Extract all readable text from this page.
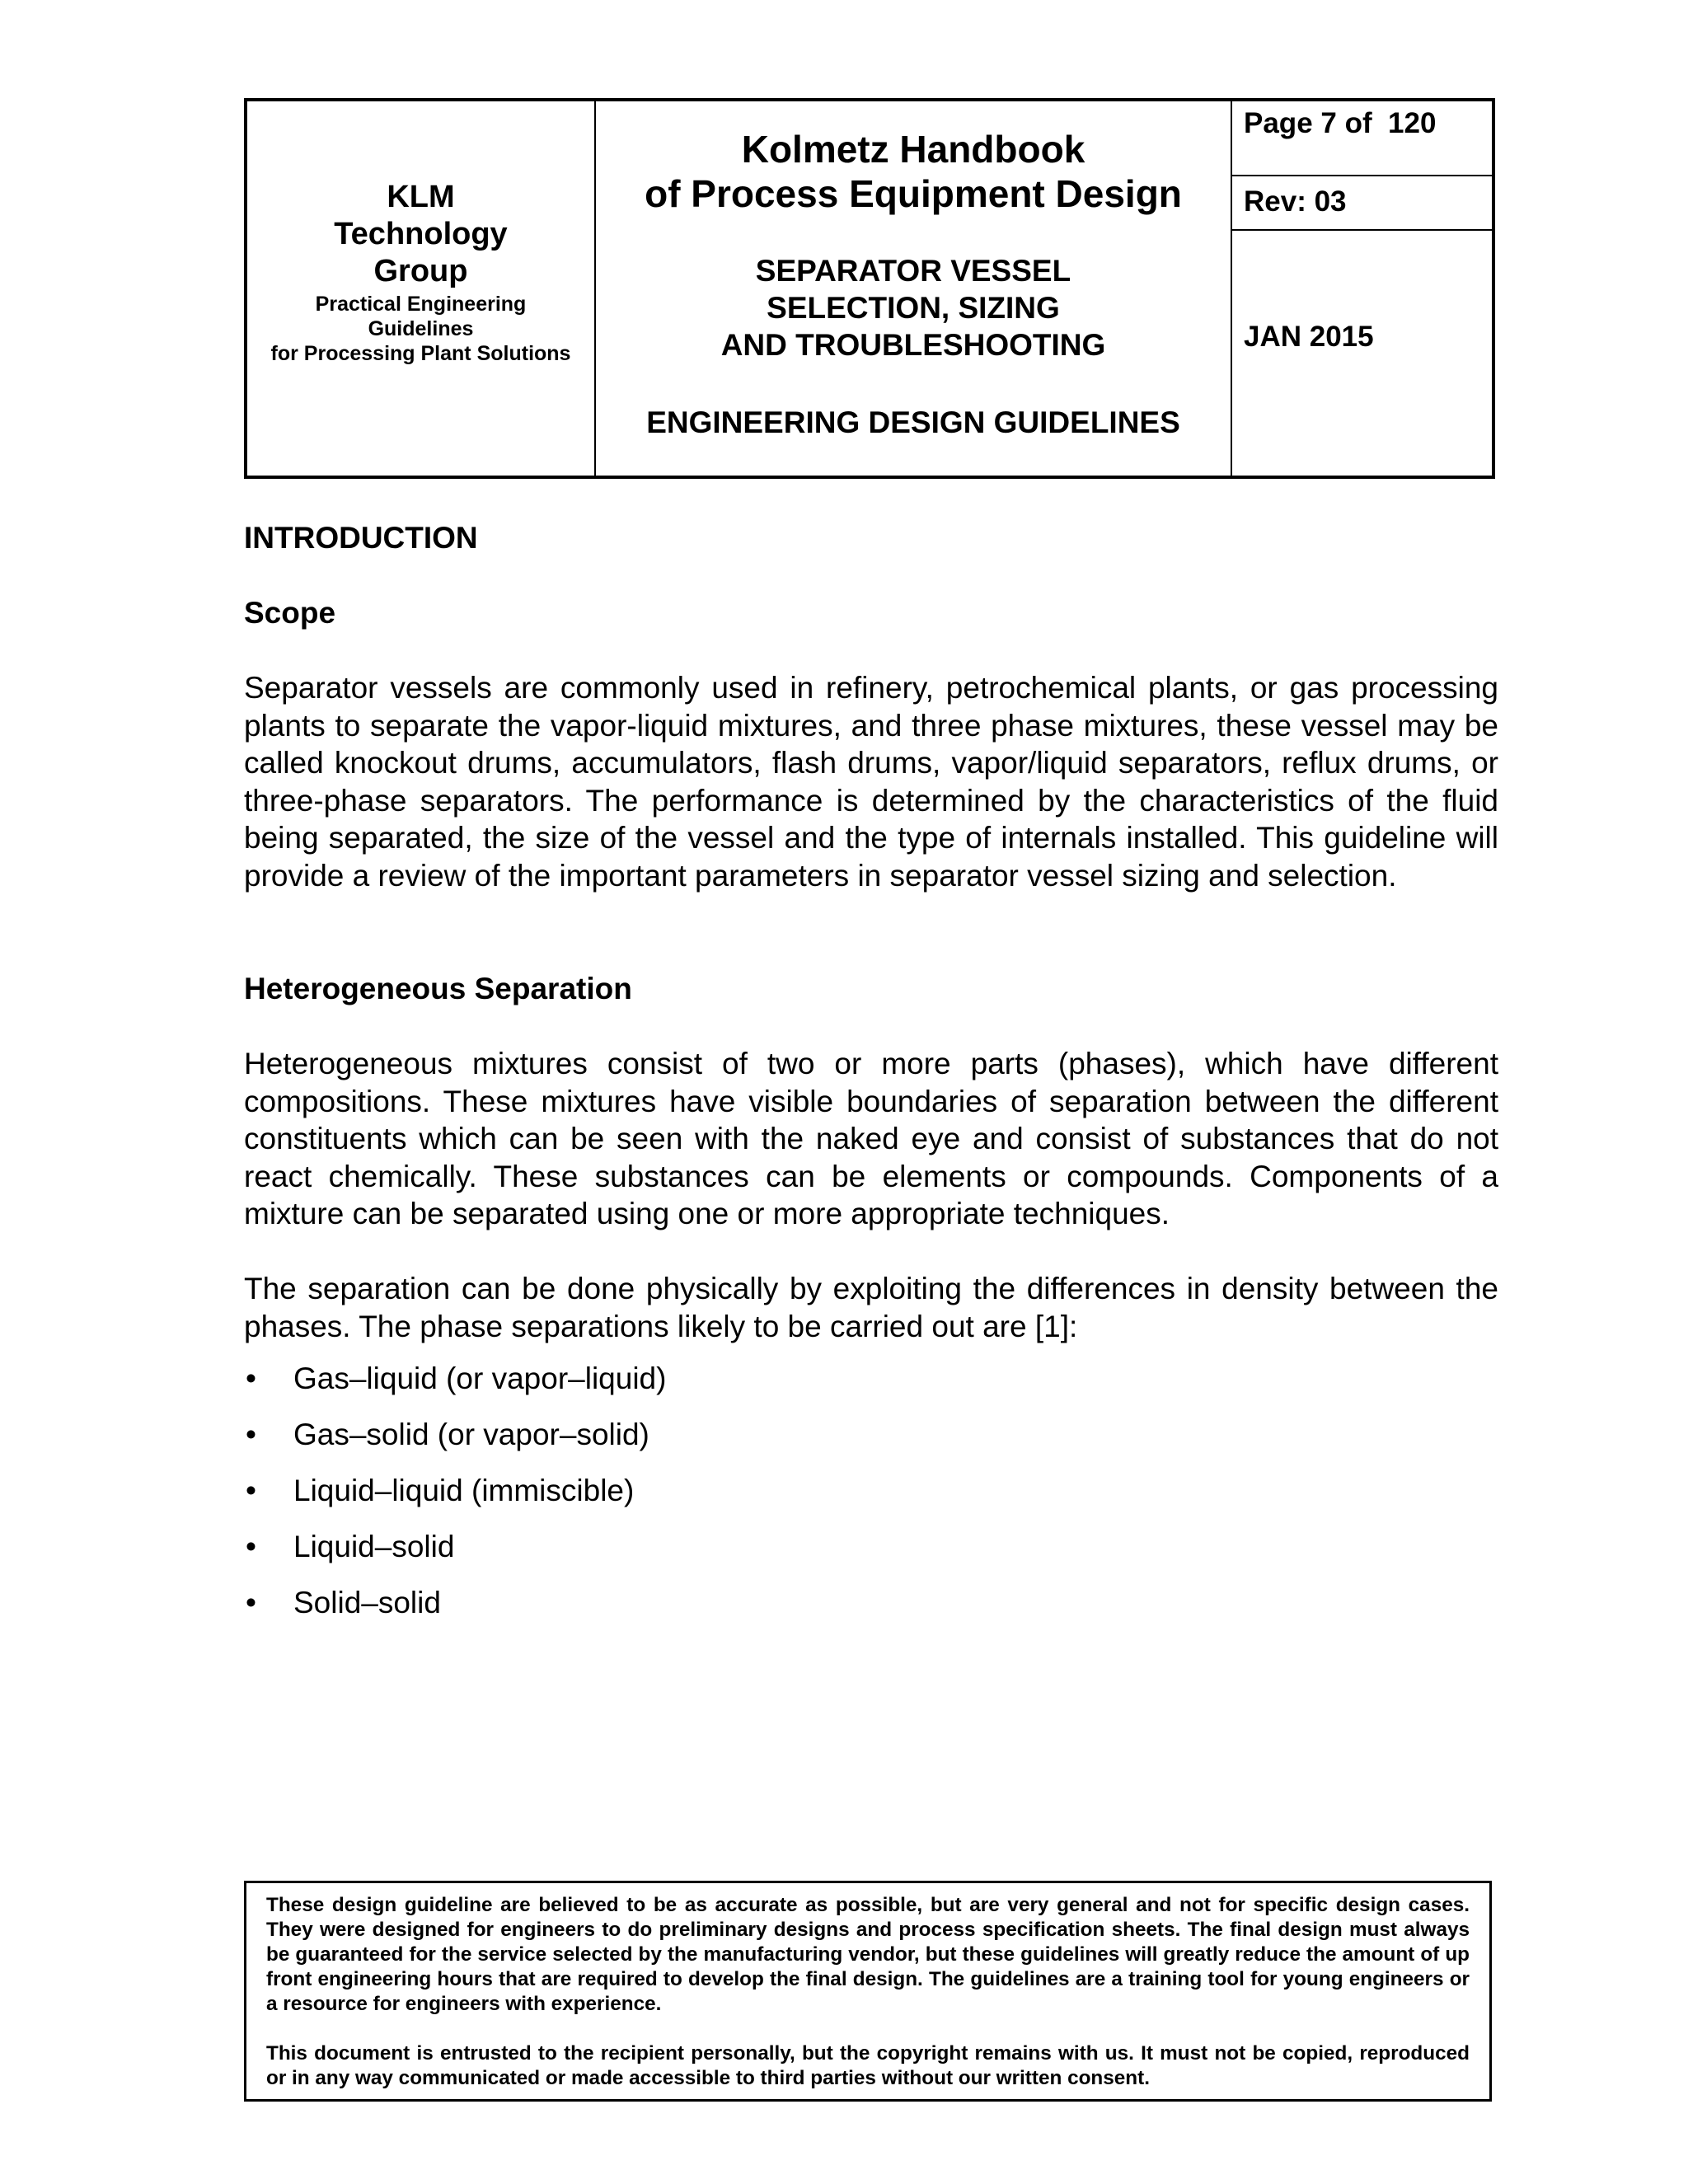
KLM Technology Group
Practical Engineering
Guidelines
for Processing Plant Solutions
Kolmetz Handbook
of Process Equipment Design
SEPARATOR VESSEL
SELECTION, SIZING
AND TROUBLESHOOTING
ENGINEERING DESIGN GUIDELINES
Page 7 of  120
Rev: 03
JAN 2015
INTRODUCTION
Scope

Separator vessels are commonly used in refinery, petrochemical plants, or gas processing plants to separate the vapor-liquid mixtures, and three phase mixtures, these vessel may be called knockout drums, accumulators, flash drums, vapor/liquid separators, reflux drums, or three-phase separators. The performance is determined by the characteristics of the fluid being separated, the size of the vessel and the type of internals installed. This guideline will provide a review of the important parameters in separator vessel sizing and selection.

Heterogeneous Separation

Heterogeneous mixtures consist of two or more parts (phases), which have different compositions. These mixtures have visible boundaries of separation between the different constituents which can be seen with the naked eye and consist of substances that do not react chemically. These substances can be elements or compounds. Components of a mixture can be separated using one or more appropriate techniques.

The separation can be done physically by exploiting the differences in density between the phases. The phase separations likely to be carried out are [1]:

• Gas–liquid (or vapor–liquid)
• Gas–solid (or vapor–solid)
• Liquid–liquid (immiscible)
• Liquid–solid
• Solid–solid

These design guideline are believed to be as accurate as possible, but are very general and not for specific design cases. They were designed for engineers to do preliminary designs and process specification sheets. The final design must always be guaranteed for the service selected by the manufacturing vendor, but these guidelines will greatly reduce the amount of up front engineering hours that are required to develop the final design. The guidelines are a training tool for young engineers or a resource for engineers with experience.

This document is entrusted to the recipient personally, but the copyright remains with us. It must not be copied, reproduced or in any way communicated or made accessible to third parties without our written consent.
